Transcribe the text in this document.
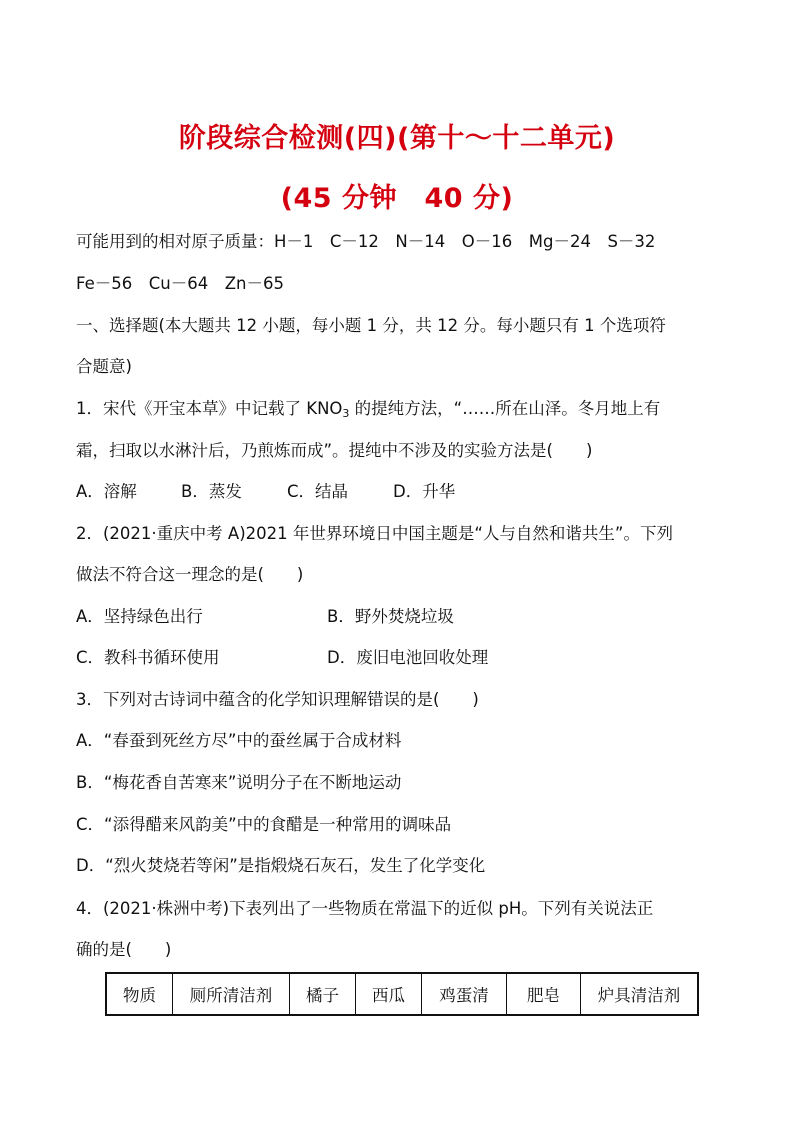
阶段综合检测(四)(第十～十二单元)
(45 分钟　40 分)
可能用到的相对原子质量：H－1　C－12　N－14　O－16　Mg－24　S－32
Fe－56　Cu－64　Zn－65
一、选择题(本大题共 12 小题，每小题 1 分，共 12 分。每小题只有 1 个选项符
合题意)
1．宋代《开宝本草》中记载了 $KNO_3$ 的提纯方法，“……所在山泽。冬月地上有
霜，扫取以水淋汁后，乃煎炼而成”。提纯中不涉及的实验方法是(　　)
A．溶解	B．蒸发	C．结晶	D．升华
2．(2021·重庆中考 A)2021 年世界环境日中国主题是“人与自然和谐共生”。下列
做法不符合这一理念的是(　　)
A．坚持绿色出行	B．野外焚烧垃圾
C．教科书循环使用	D．废旧电池回收处理
3．下列对古诗词中蕴含的化学知识理解错误的是(　　)
A．“春蚕到死丝方尽”中的蚕丝属于合成材料
B．“梅花香自苦寒来”说明分子在不断地运动
C．“添得醋来风韵美”中的食醋是一种常用的调味品
D．“烈火焚烧若等闲”是指煅烧石灰石，发生了化学变化
4．(2021·株洲中考)下表列出了一些物质在常温下的近似 pH。下列有关说法正
确的是(　　)
物质	厕所清洁剂	橘子	西瓜	鸡蛋清	肥皂	炉具清洁剂
